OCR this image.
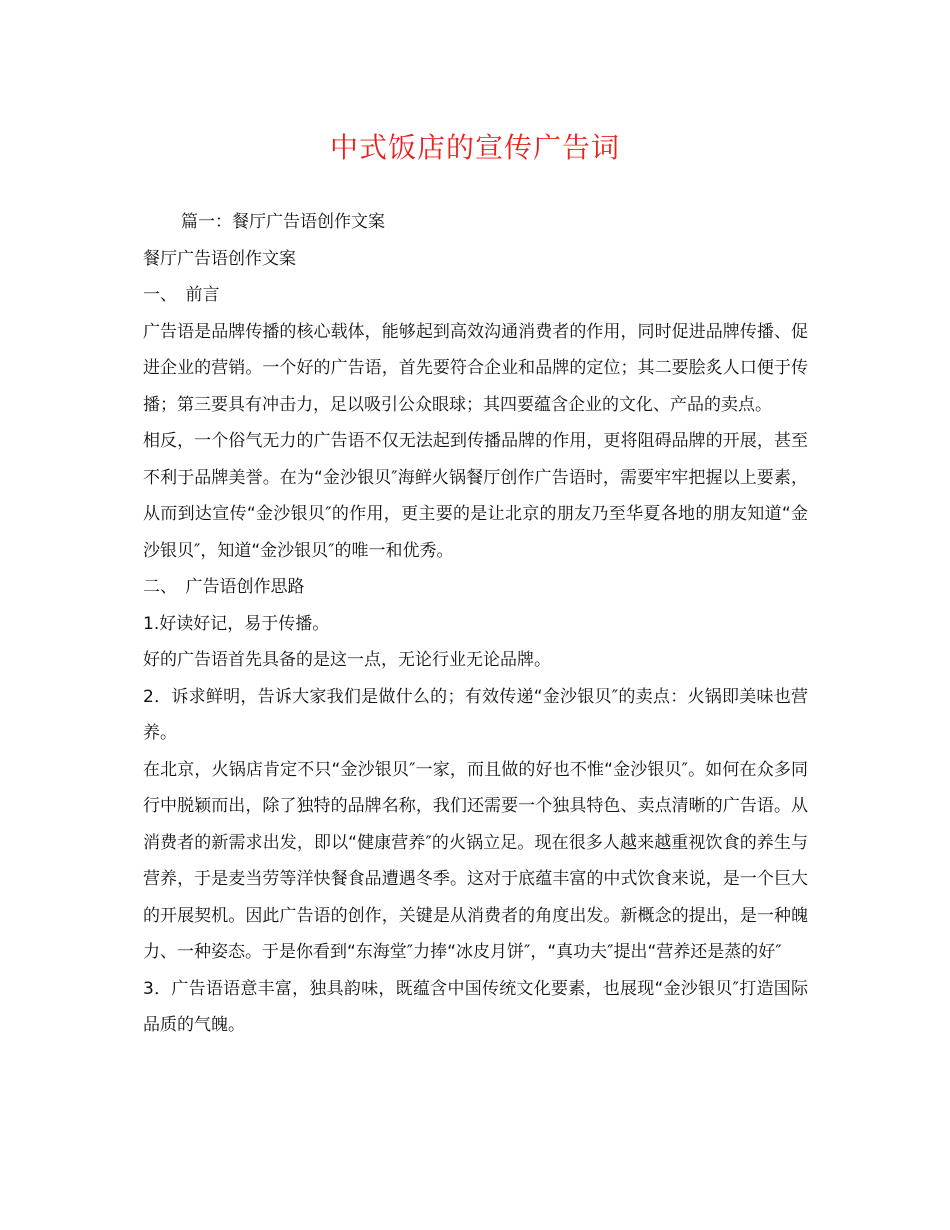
中式饭店的宣传广告词

篇一：餐厅广告语创作文案

餐厅广告语创作文案

一、　前言

广告语是品牌传播的核心载体，能够起到高效沟通消费者的作用，同时促进品牌传播、促进企业的营销。一个好的广告语，首先要符合企业和品牌的定位；其二要脍炙人口便于传播；第三要具有冲击力，足以吸引公众眼球；其四要蕴含企业的文化、产品的卖点。

相反，一个俗气无力的广告语不仅无法起到传播品牌的作用，更将阻碍品牌的开展，甚至不利于品牌美誉。在为“金沙银贝″海鲜火锅餐厅创作广告语时，需要牢牢把握以上要素，从而到达宣传“金沙银贝″的作用，更主要的是让北京的朋友乃至华夏各地的朋友知道“金沙银贝″，知道“金沙银贝″的唯一和优秀。

二、　广告语创作思路

1.好读好记，易于传播。

好的广告语首先具备的是这一点，无论行业无论品牌。

2．诉求鲜明，告诉大家我们是做什么的；有效传递“金沙银贝″的卖点：火锅即美味也营养。

在北京，火锅店肯定不只“金沙银贝″一家，而且做的好也不惟“金沙银贝″。如何在众多同行中脱颖而出，除了独特的品牌名称，我们还需要一个独具特色、卖点清晰的广告语。从消费者的新需求出发，即以“健康营养″的火锅立足。现在很多人越来越重视饮食的养生与营养，于是麦当劳等洋快餐食品遭遇冬季。这对于底蕴丰富的中式饮食来说，是一个巨大的开展契机。因此广告语的创作，关键是从消费者的角度出发。新概念的提出，是一种魄力、一种姿态。于是你看到“东海堂″力捧“冰皮月饼″，“真功夫″提出“营养还是蒸的好″

3．广告语语意丰富，独具韵味，既蕴含中国传统文化要素，也展现“金沙银贝″打造国际品质的气魄。
